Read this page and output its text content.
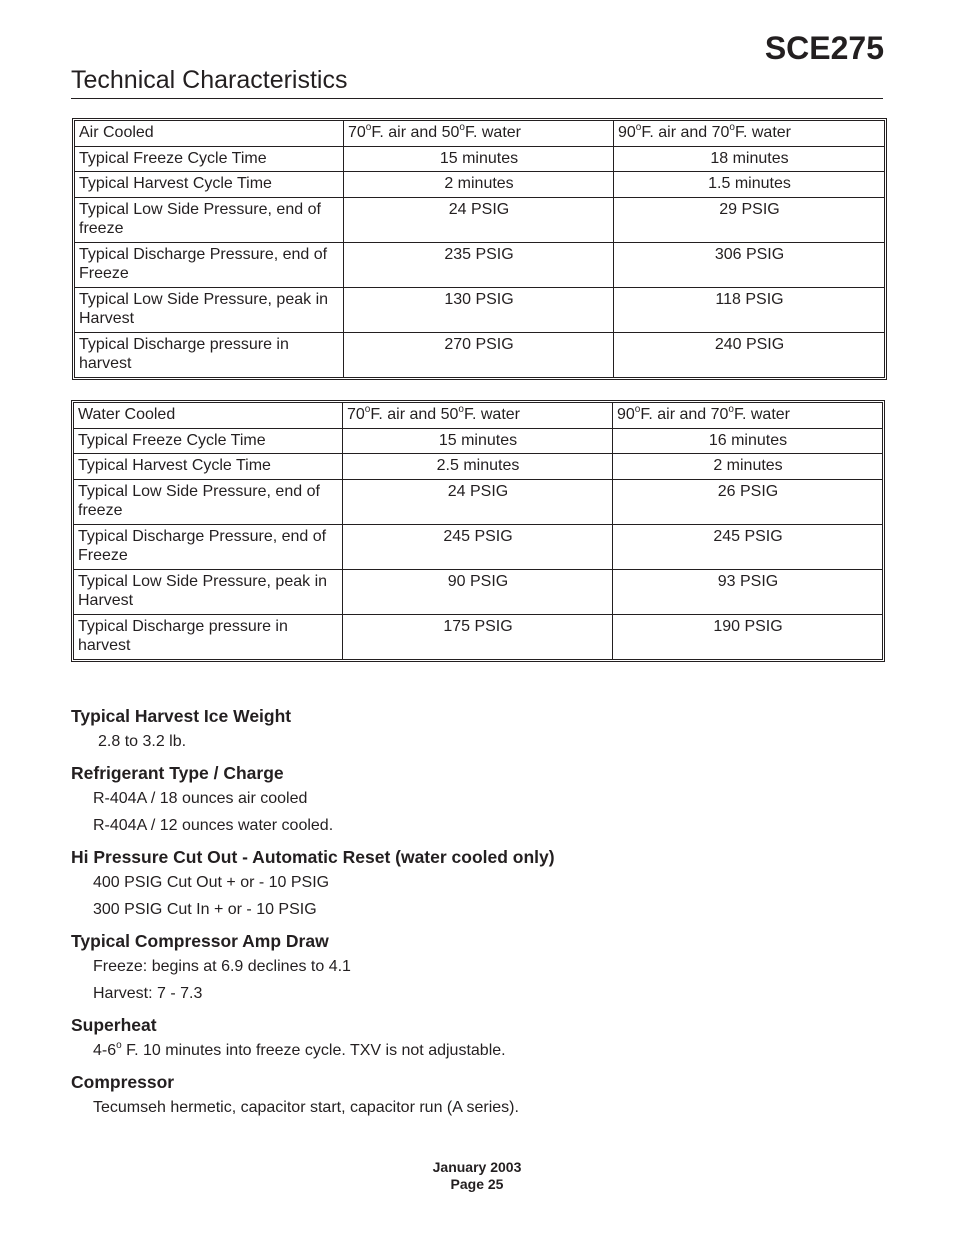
SCE275
Technical Characteristics
Air Cooled	70$^o$F. air and 50$^o$F. water	90$^o$F. air and 70$^o$F. water
Typical Freeze Cycle Time	15 minutes	18 minutes
Typical Harvest Cycle Time	2 minutes	1.5 minutes
Typical Low Side Pressure, end of freeze	24 PSIG	29 PSIG
Typical Discharge Pressure, end of Freeze	235 PSIG	306 PSIG
Typical Low Side Pressure, peak in Harvest	130 PSIG	118 PSIG
Typical Discharge pressure in harvest	270 PSIG	240 PSIG
Water Cooled	70$^o$F. air and 50$^o$F. water	90$^o$F. air and 70$^o$F. water
Typical Freeze Cycle Time	15 minutes	16 minutes
Typical Harvest Cycle Time	2.5 minutes	2 minutes
Typical Low Side Pressure, end of freeze	24 PSIG	26 PSIG
Typical Discharge Pressure, end of Freeze	245 PSIG	245 PSIG
Typical Low Side Pressure, peak in Harvest	90 PSIG	93 PSIG
Typical Discharge pressure in harvest	175 PSIG	190 PSIG

Typical Harvest Ice Weight

2.8 to 3.2 lb.

Refrigerant Type / Charge

R-404A / 18 ounces air cooled

R-404A / 12 ounces water cooled.

Hi Pressure Cut Out - Automatic Reset (water cooled only)

400 PSIG Cut Out + or - 10 PSIG

300 PSIG Cut In + or - 10 PSIG

Typical Compressor Amp Draw

Freeze: begins at 6.9 declines to 4.1

Harvest: 7 - 7.3

Superheat

4-6$^o$ F. 10 minutes into freeze cycle. TXV is not adjustable.

Compressor

Tecumseh hermetic, capacitor start, capacitor run (A series).

January 2003
Page 25
